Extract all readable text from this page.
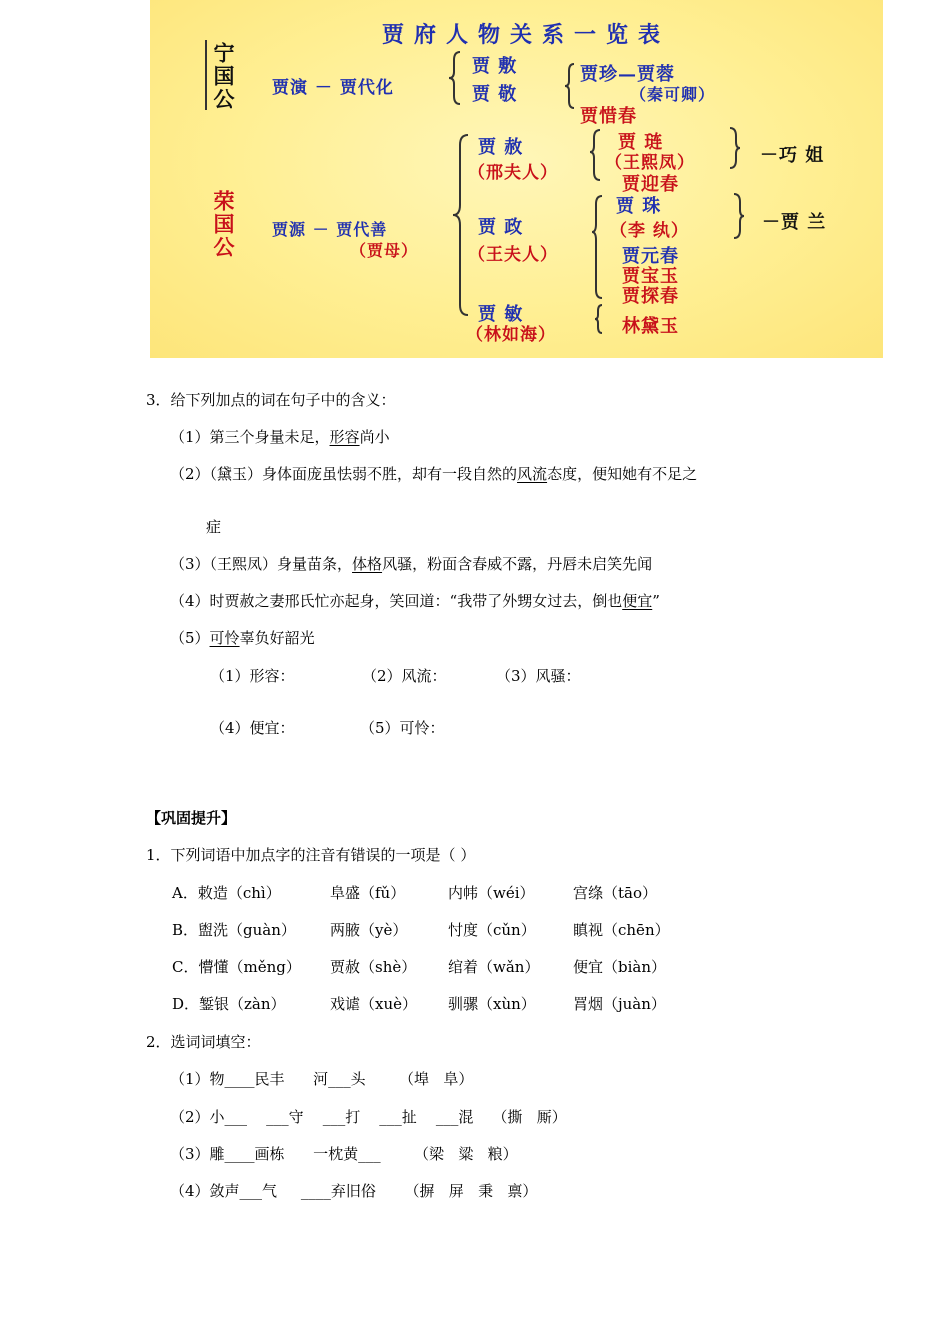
贾府人物关系一览表
宁国公
荣国公
贾演 － 贾代化
贾 敷
贾 敬
贾珍—贾蓉
（秦可卿）
贾惜春
贾源 － 贾代善
（贾母）
贾 赦
（邢夫人）
贾 琏
（王熙凤）
贾迎春
－巧 姐
贾 政
（王夫人）
贾 珠
（李 纨）	－贾 兰
贾元春
贾宝玉
贾探春
贾 敏
（林如海）	林黛玉
3．给下列加点的词在句子中的含义：
（1）第三个身量未足，形容尚小
（2）（黛玉）身体面庞虽怯弱不胜，却有一段自然的风流态度，便知她有不足之
症
（3）（王熙凤）身量苗条，体格风骚，粉面含春威不露，丹唇未启笑先闻
（4）时贾赦之妻邢氏忙亦起身，笑回道：“我带了外甥女过去，倒也便宜”
（5）可怜辜负好韶光
（1）形容：	（2）风流：	（3）风骚：
（4）便宜：	（5）可怜：
【巩固提升】
1．下列词语中加点字的注音有错误的一项是（ ）
A．敕造（chì）	阜盛（fǔ）	内帏（wéi）	宫绦（tāo）
B．盥洗（guàn） 两腋（yè）	忖度（cǔn） 瞋视（chēn）
C．懵懂（měng） 贾赦（shè） 绾着（wǎn） 便宜（biàn）
D．錾银（zàn）	戏谑（xuè） 驯骡（xùn） 罥烟（juàn）
2．选词词填空：
（1）物____民丰      河___头       （埠   阜）
（2）小___    ___守    ___打    ___扯    ___混    （撕   厮）
（3）雕____画栋      一枕黄___       （梁   粱   粮）
（4）敛声___气     ____弃旧俗      （摒   屏   秉   禀）
